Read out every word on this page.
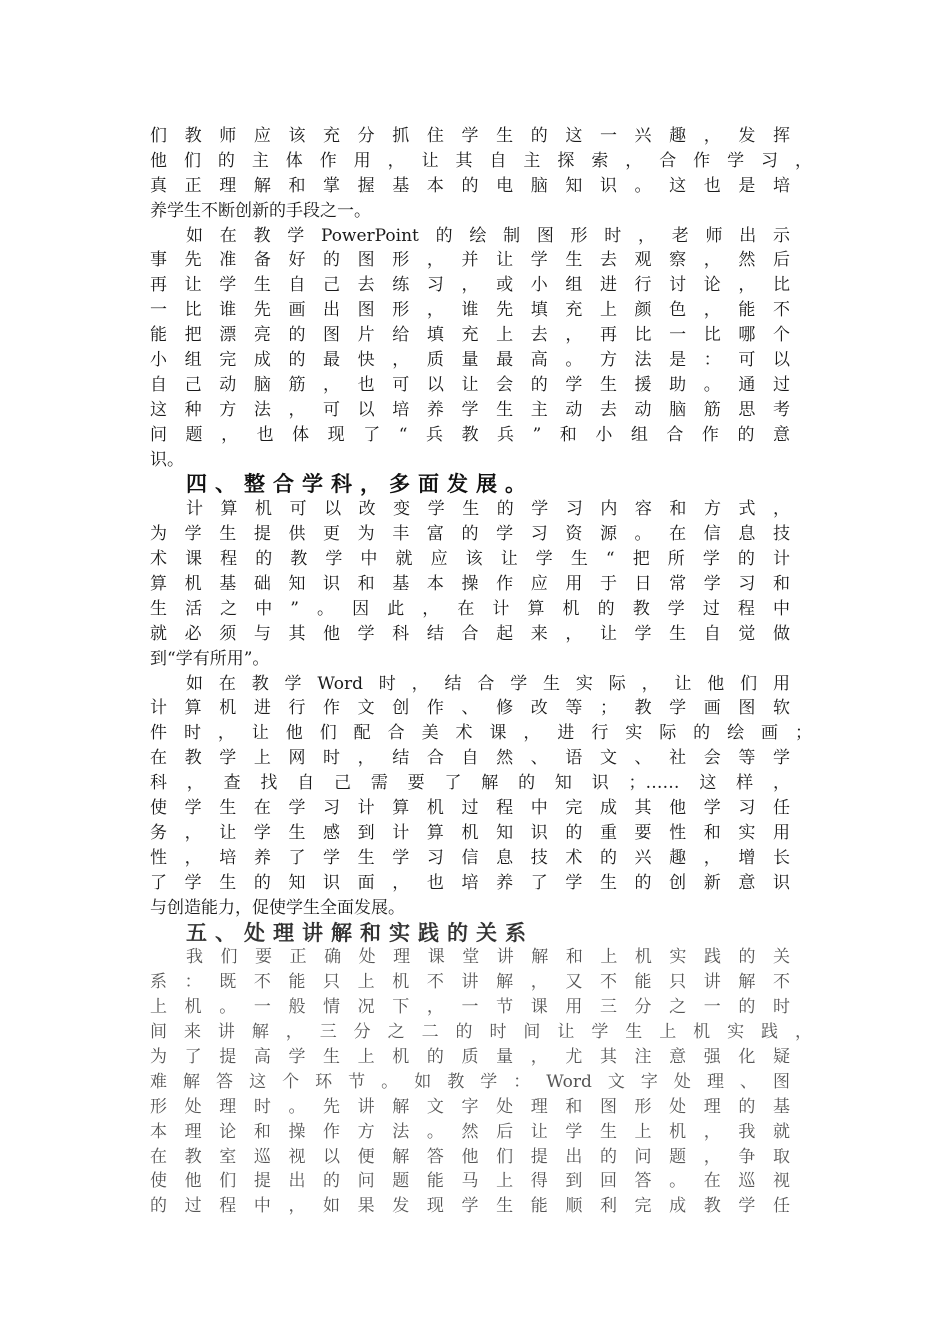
们教师应该充分抓住学生的这一兴趣，发挥
他们的主体作用，让其自主探索，合作学习，
真正理解和掌握基本的电脑知识。这也是培
养学生不断创新的手段之一。
如在教学PowerPoint的绘制图形时，老师出示
事先准备好的图形，并让学生去观察，然后
再让学生自己去练习，或小组进行讨论，比
一比谁先画出图形，谁先填充上颜色，能不
能把漂亮的图片给填充上去，再比一比哪个
小组完成的最快，质量最高。方法是：可以
自己动脑筋，也可以让会的学生援助。通过
这种方法，可以培养学生主动去动脑筋思考
问题，也体现了“兵教兵”和小组合作的意
识。
四、整合学科，多面发展。
计算机可以改变学生的学习内容和方式，
为学生提供更为丰富的学习资源。在信息技
术课程的教学中就应该让学生“把所学的计
算机基础知识和基本操作应用于日常学习和
生活之中”。因此，在计算机的教学过程中
就必须与其他学科结合起来，让学生自觉做
到“学有所用”。
如在教学Word时，结合学生实际，让他们用
计算机进行作文创作、修改等；教学画图软
件时，让他们配合美术课，进行实际的绘画；
在教学上网时，结合自然、语文、社会等学
科，查找自己需要了解的知识；……这样，
使学生在学习计算机过程中完成其他学习任
务，让学生感到计算机知识的重要性和实用
性，培养了学生学习信息技术的兴趣，增长
了学生的知识面，也培养了学生的创新意识
与创造能力，促使学生全面发展。
五、处理讲解和实践的关系
我们要正确处理课堂讲解和上机实践的关
系：既不能只上机不讲解，又不能只讲解不
上机。一般情况下，一节课用三分之一的时
间来讲解，三分之二的时间让学生上机实践，
为了提高学生上机的质量，尤其注意强化疑
难解答这个环节。如教学：Word文字处理、图
形处理时。先讲解文字处理和图形处理的基
本理论和操作方法。然后让学生上机，我就
在教室巡视以便解答他们提出的问题，争取
使他们提出的问题能马上得到回答。在巡视
的过程中，如果发现学生能顺利完成教学任
